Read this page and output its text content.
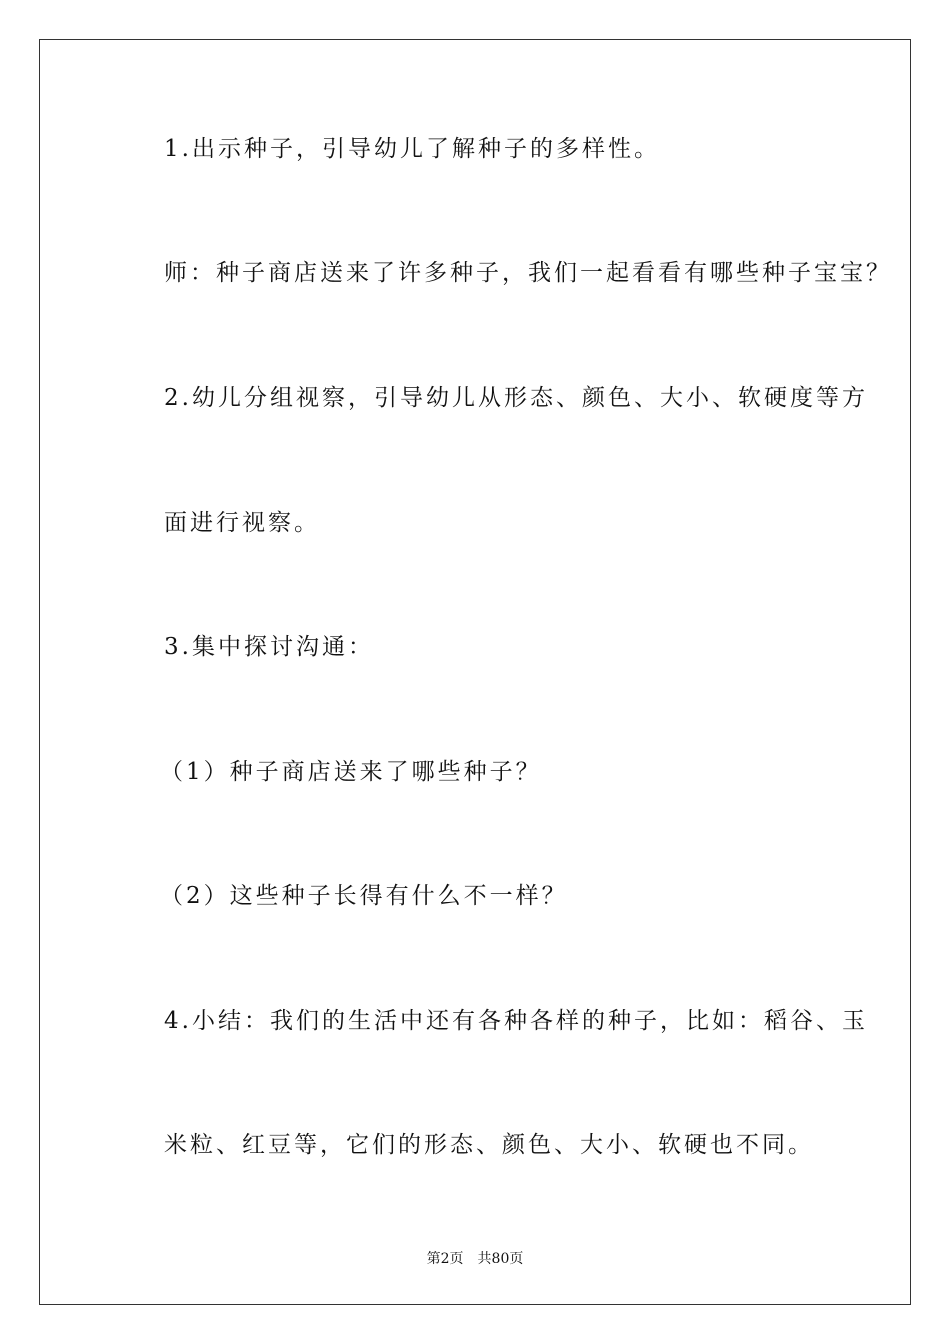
1.出示种子，引导幼儿了解种子的多样性。
师：种子商店送来了许多种子，我们一起看看有哪些种子宝宝？
2.幼儿分组视察，引导幼儿从形态、颜色、大小、软硬度等方
面进行视察。
3.集中探讨沟通：
（1）种子商店送来了哪些种子？
（2）这些种子长得有什么不一样？
4.小结：我们的生活中还有各种各样的种子，比如：稻谷、玉
米粒、红豆等，它们的形态、颜色、大小、软硬也不同。
第2页 共80页
